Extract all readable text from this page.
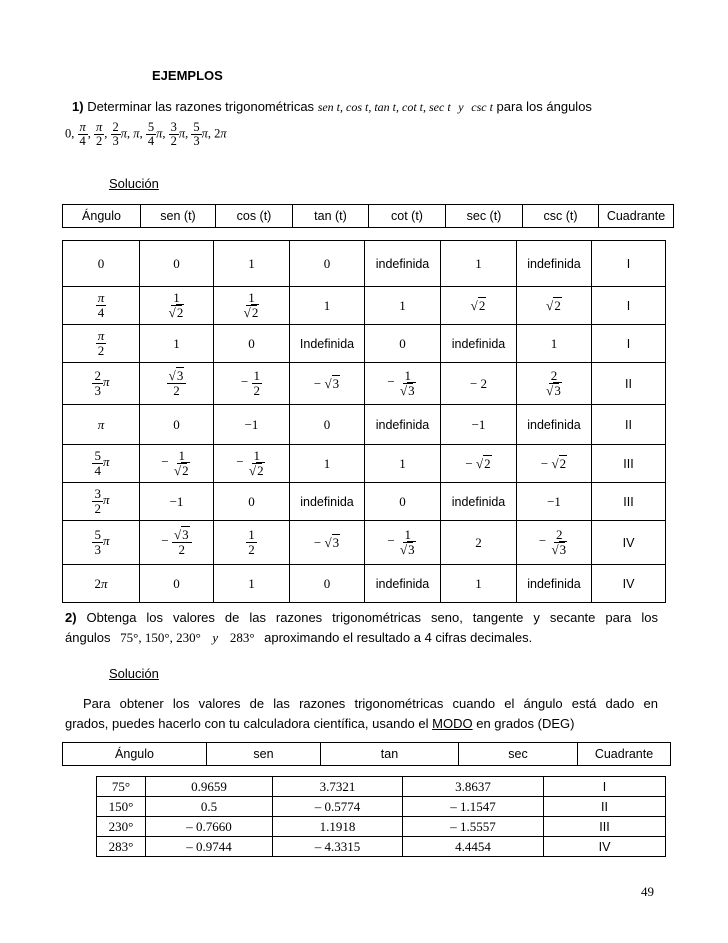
EJEMPLOS
1) Determinar las razones trigonométricas sen t, cos t, tan t, cot t, sec t y csc t para los ángulos
0, $\frac{\pi}{4}$ , $\frac{\pi}{2}$ , $\frac{2}{3} \pi$, π, $\frac{5}{4} \pi$, $\frac{3}{2} \pi$, $\frac{5}{3} \pi$, 2π
Solución
Ángulo	sen (t)	cos (t)	tan (t)	cot (t)	sec (t)	csc (t)	Cuadrante
0	0	1	0	indefinida	1	indefinida	I

$\frac{\pi}{4}$	$\frac{1}{√2}$	$\frac{1}{√2}$	1	1	√2	√2	I

$\frac{\pi}{2}$	1	0	Indefinida	0	indefinida	1	I

$\frac{2}{3}$ π	$\frac{√3}{2}$	− $\frac{1}{2}$	− √3	− $\frac{1}{√3}$	− 2	$\frac{2}{√3}$	II
π	0	−1	0	indefinida	−1	indefinida	II

$\frac{5}{4}$ π	− $\frac{1}{√2}$	− $\frac{1}{√2}$	1	1	− √2	− √2	III

$\frac{3}{2}$ π	−1	0	indefinida	0	indefinida	−1	III

$\frac{5}{3}$ π	− $\frac{√3}{2}$	$\frac{1}{2}$	− √3	− $\frac{1}{√3}$	2	− $\frac{2}{√3}$	IV
2π	0	1	0	indefinida	1	indefinida	IV
2) Obtenga los valores de las razones trigonométricas seno, tangente y secante para los
ángulos 75°, 150°, 230° y 283° aproximando el resultado a 4 cifras decimales.
Solución
Para obtener los valores de las razones trigonométricas cuando el ángulo está dado en
grados, puedes hacerlo con tu calculadora científica, usando el MODO en grados (DEG)
Ángulo	sen	tan	sec	Cuadrante
75°	0.9659	3.7321	3.8637	I
150°	0.5	– 0.5774	– 1.1547	II
230°	– 0.7660	1.1918	– 1.5557	III
283°	– 0.9744	– 4.3315	4.4454	IV
49
